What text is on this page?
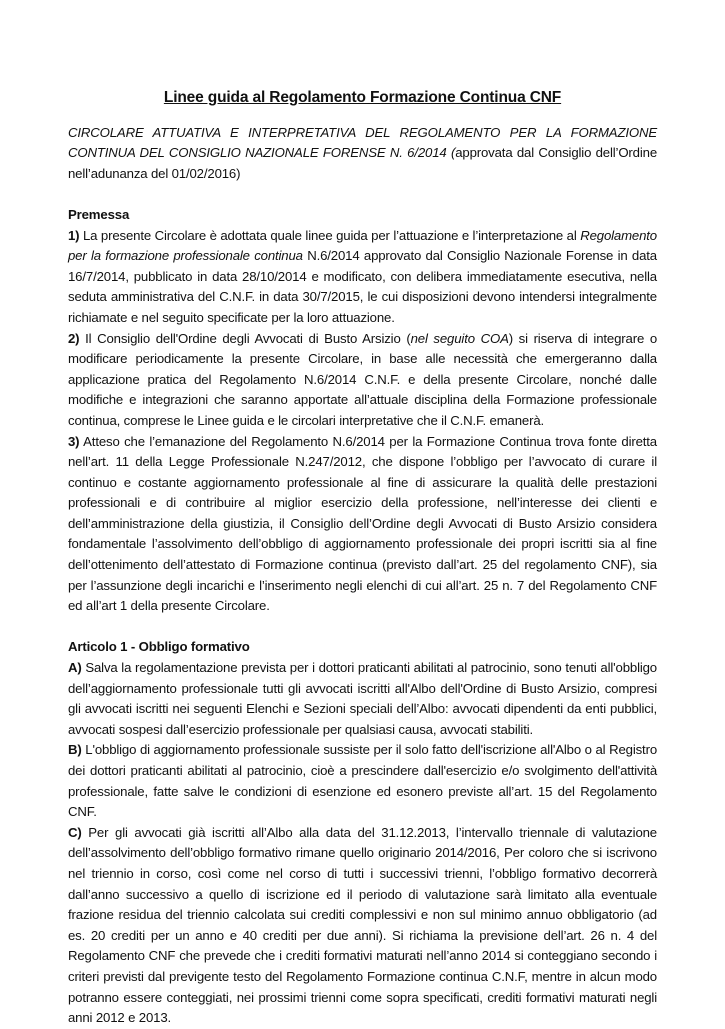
Linee guida al Regolamento Formazione Continua CNF

CIRCOLARE ATTUATIVA E INTERPRETATIVA DEL REGOLAMENTO PER LA FORMAZIONE CONTINUA DEL CONSIGLIO NAZIONALE FORENSE N. 6/2014 (approvata dal Consiglio dell’Ordine nell’adunanza del 01/02/2016)

Premessa

1) La presente Circolare è adottata quale linee guida per l’attuazione e l’interpretazione al Regolamento per la formazione professionale continua N.6/2014 approvato dal Consiglio Nazionale Forense in data 16/7/2014, pubblicato in data 28/10/2014 e modificato, con delibera immediatamente esecutiva, nella seduta amministrativa del C.N.F. in data 30/7/2015, le cui disposizioni devono intendersi integralmente richiamate e nel seguito specificate per la loro attuazione.

2) Il Consiglio dell'Ordine degli Avvocati di Busto Arsizio (nel seguito COA) si riserva di integrare o modificare periodicamente la presente Circolare, in base alle necessità che emergeranno dalla applicazione pratica del Regolamento N.6/2014 C.N.F. e della presente Circolare, nonché dalle modifiche e integrazioni che saranno apportate all’attuale disciplina della Formazione professionale continua, comprese le Linee guida e le circolari interpretative che il C.N.F. emanerà.

3) Atteso che l’emanazione del Regolamento N.6/2014 per la Formazione Continua trova fonte diretta nell’art. 11 della Legge Professionale N.247/2012, che dispone l’obbligo per l’avvocato di curare il continuo e costante aggiornamento professionale al fine di assicurare la qualità delle prestazioni professionali e di contribuire al miglior esercizio della professione, nell’interesse dei clienti e dell’amministrazione della giustizia, il Consiglio dell’Ordine degli Avvocati di Busto Arsizio considera fondamentale l’assolvimento dell’obbligo di aggiornamento professionale dei propri iscritti sia al fine dell’ottenimento dell’attestato di Formazione continua (previsto dall’art. 25 del regolamento CNF), sia per l’assunzione degli incarichi e l’inserimento negli elenchi di cui all’art. 25 n. 7 del Regolamento CNF ed all’art 1 della presente Circolare.

Articolo 1 - Obbligo formativo

A) Salva la regolamentazione prevista per i dottori praticanti abilitati al patrocinio, sono tenuti all'obbligo dell’aggiornamento professionale tutti gli avvocati iscritti all'Albo dell'Ordine di Busto Arsizio, compresi gli avvocati iscritti nei seguenti Elenchi e Sezioni speciali dell’Albo: avvocati dipendenti da enti pubblici, avvocati sospesi dall’esercizio professionale per qualsiasi causa, avvocati stabiliti.

B) L'obbligo di aggiornamento professionale sussiste per il solo fatto dell'iscrizione all'Albo o al Registro dei dottori praticanti abilitati al patrocinio, cioè a prescindere dall'esercizio e/o svolgimento dell'attività professionale, fatte salve le condizioni di esenzione ed esonero previste all’art. 15 del Regolamento CNF.

C) Per gli avvocati già iscritti all’Albo alla data del 31.12.2013, l’intervallo triennale di valutazione dell’assolvimento dell’obbligo formativo rimane quello originario 2014/2016, Per coloro che si iscrivono nel triennio in corso, così come nel corso di tutti i successivi trienni, l’obbligo formativo decorrerà dall’anno successivo a quello di iscrizione ed il periodo di valutazione sarà limitato alla eventuale frazione residua del triennio calcolata sui crediti complessivi e non sul minimo annuo obbligatorio (ad es. 20 crediti per un anno e 40 crediti per due anni). Si richiama la previsione dell’art. 26 n. 4 del Regolamento CNF che prevede che i crediti formativi maturati nell’anno 2014 si conteggiano secondo i criteri previsti dal previgente testo del Regolamento Formazione continua C.N.F, mentre in alcun modo potranno essere conteggiati, nei prossimi trienni come sopra specificati, crediti formativi maturati negli anni 2012 e 2013.
